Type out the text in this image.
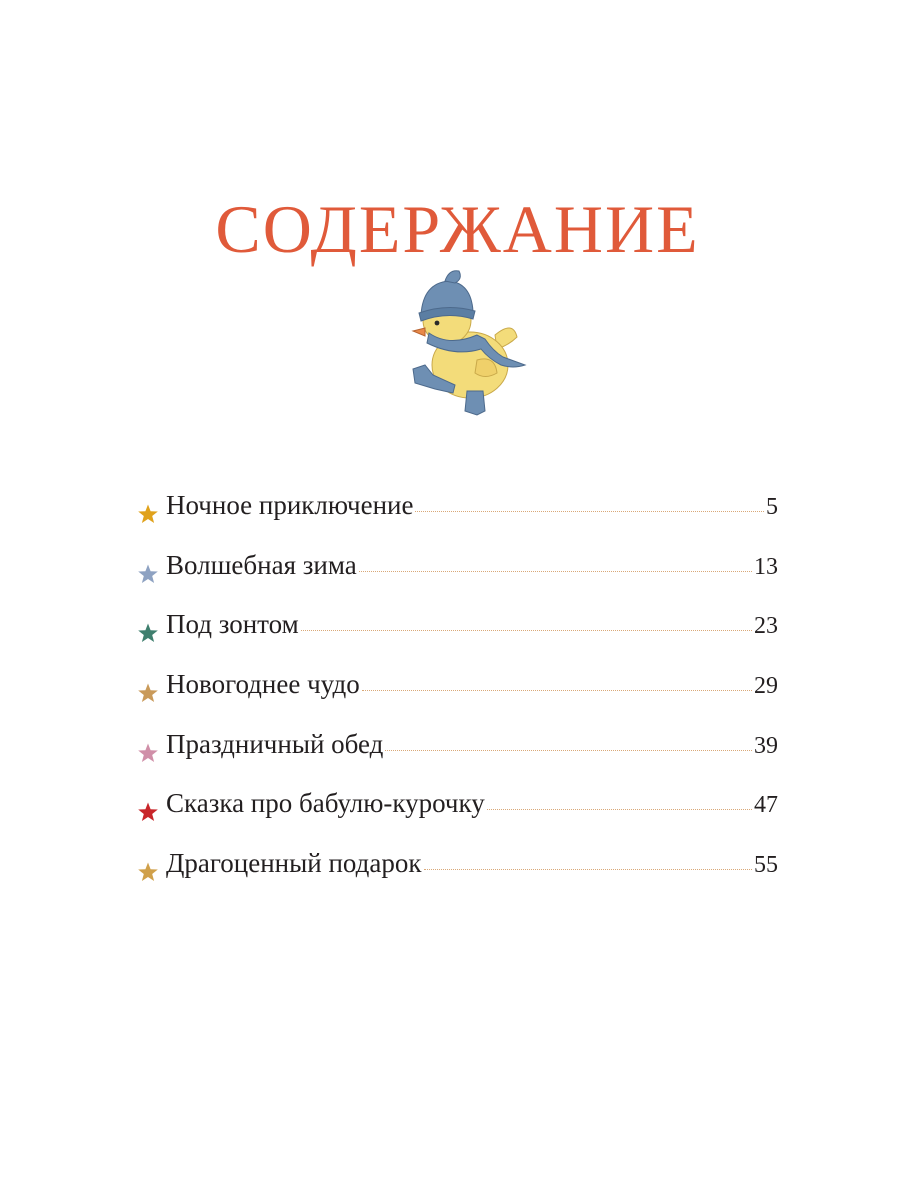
СОДЕРЖАНИЕ
Ночное приключение	5
Волшебная зима	13
Под зонтом	23
Новогоднее чудо	29
Праздничный обед	39
Сказка про бабулю-курочку	47
Драгоценный подарок	55
